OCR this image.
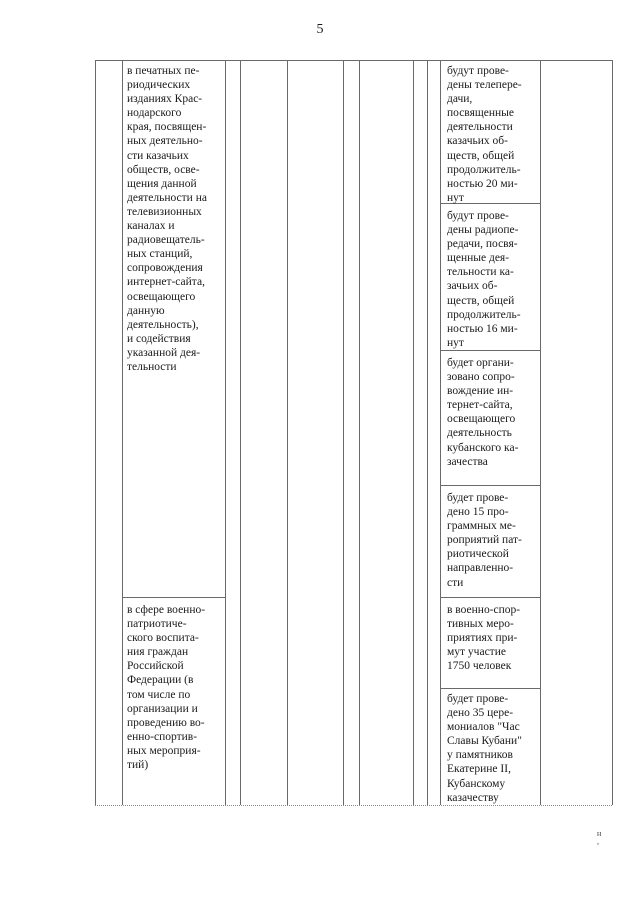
5
в печатных пе-
риодических
изданиях Крас-
нодарского
края, посвящен-
ных деятельно-
сти казачьих
обществ, осве-
щения данной
деятельности на
телевизионных
каналах и
радиовещатель-
ных станций,
сопровождения
интернет-сайта,
освещающего
данную
деятельность),
и содействия
указанной дея-
тельности
в сфере военно-
патриотиче-
ского воспита-
ния граждан
Российской
Федерации (в
том числе по
организации и
проведению во-
енно-спортив-
ных мероприя-
тий)
будут прове-
дены телепере-
дачи,
посвященные
деятельности
казачьих об-
ществ, общей
продолжитель-
ностью 20 ми-
нут
будут прове-
дены радиопе-
редачи, посвя-
щенные дея-
тельности ка-
зачьих об-
ществ, общей
продолжитель-
ностью 16 ми-
нут
будет органи-
зовано сопро-
вождение ин-
тернет-сайта,
освещающего
деятельность
кубанского ка-
зачества
будет прове-
дено 15 про-
граммных ме-
роприятий пат-
риотической
направленно-
сти
в военно-спор-
тивных меро-
приятиях при-
мут участие
1750 человек
будет прове-
дено 35 цере-
мониалов "Час
Славы Кубани"
у памятников
Екатерине II,
Кубанскому
казачеству
н
,
